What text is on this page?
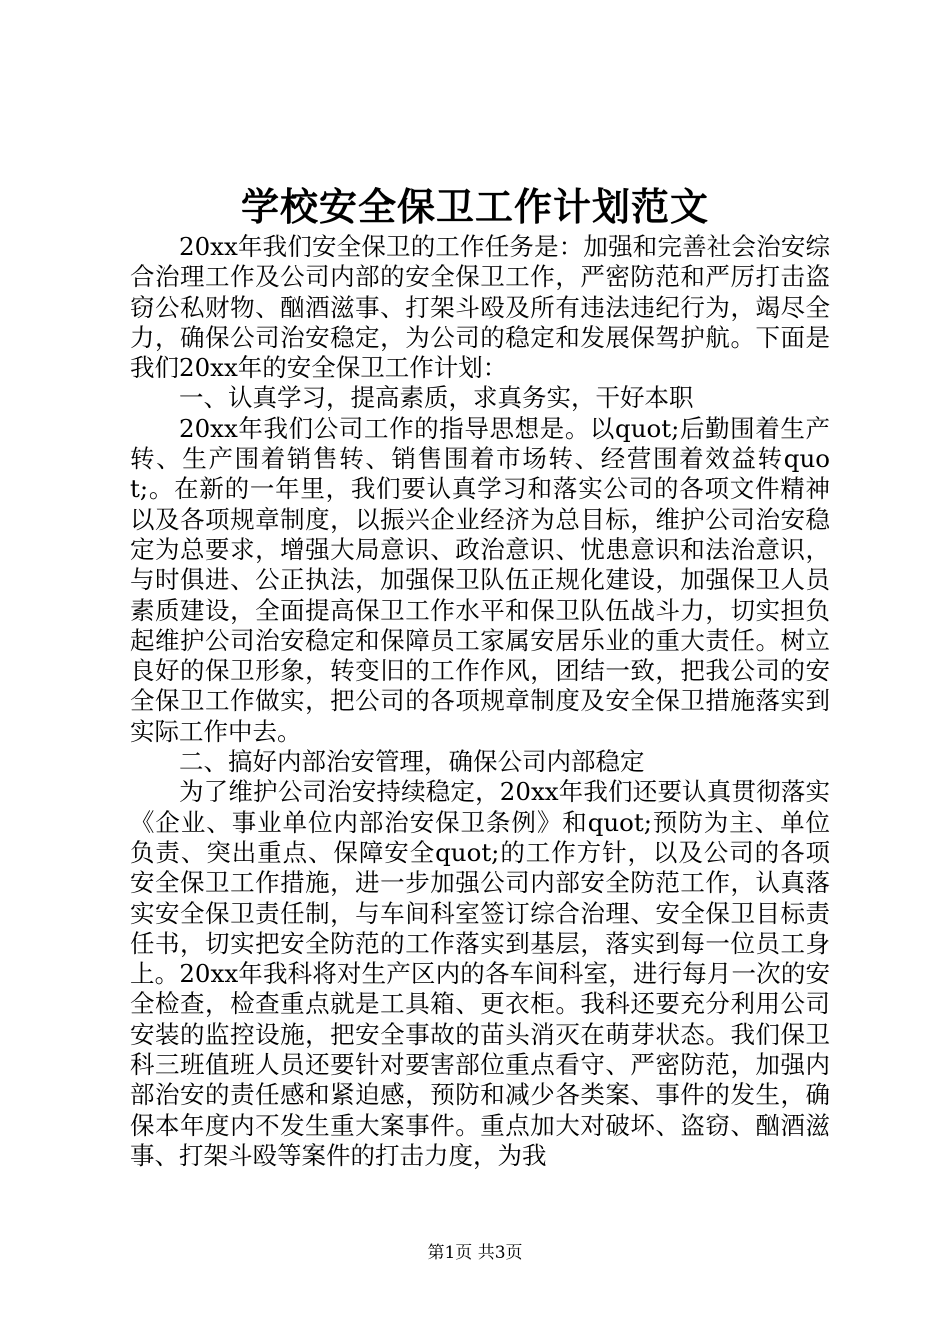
学校安全保卫工作计划范文

20xx年我们安全保卫的工作任务是：加强和完善社会治安综合治理工作及公司内部的安全保卫工作，严密防范和严厉打击盗窃公私财物、酗酒滋事、打架斗殴及所有违法违纪行为，竭尽全力，确保公司治安稳定，为公司的稳定和发展保驾护航。下面是我们20xx年的安全保卫工作计划：

一、认真学习，提高素质，求真务实，干好本职

20xx年我们公司工作的指导思想是。以quot;后勤围着生产转、生产围着销售转、销售围着市场转、经营围着效益转quot;。在新的一年里，我们要认真学习和落实公司的各项文件精神以及各项规章制度，以振兴企业经济为总目标，维护公司治安稳定为总要求，增强大局意识、政治意识、忧患意识和法治意识，与时俱进、公正执法，加强保卫队伍正规化建设，加强保卫人员素质建设，全面提高保卫工作水平和保卫队伍战斗力，切实担负起维护公司治安稳定和保障员工家属安居乐业的重大责任。树立良好的保卫形象，转变旧的工作作风，团结一致，把我公司的安全保卫工作做实，把公司的各项规章制度及安全保卫措施落实到实际工作中去。

二、搞好内部治安管理，确保公司内部稳定

为了维护公司治安持续稳定，20xx年我们还要认真贯彻落实《企业、事业单位内部治安保卫条例》和quot;预防为主、单位负责、突出重点、保障安全quot;的工作方针，以及公司的各项安全保卫工作措施，进一步加强公司内部安全防范工作，认真落实安全保卫责任制，与车间科室签订综合治理、安全保卫目标责任书，切实把安全防范的工作落实到基层，落实到每一位员工身上。20xx年我科将对生产区内的各车间科室，进行每月一次的安全检查，检查重点就是工具箱、更衣柜。我科还要充分利用公司安装的监控设施，把安全事故的苗头消灭在萌芽状态。我们保卫科三班值班人员还要针对要害部位重点看守、严密防范，加强内部治安的责任感和紧迫感，预防和减少各类案、事件的发生，确保本年度内不发生重大案事件。重点加大对破坏、盗窃、酗酒滋事、打架斗殴等案件的打击力度，为我

第1页 共3页
